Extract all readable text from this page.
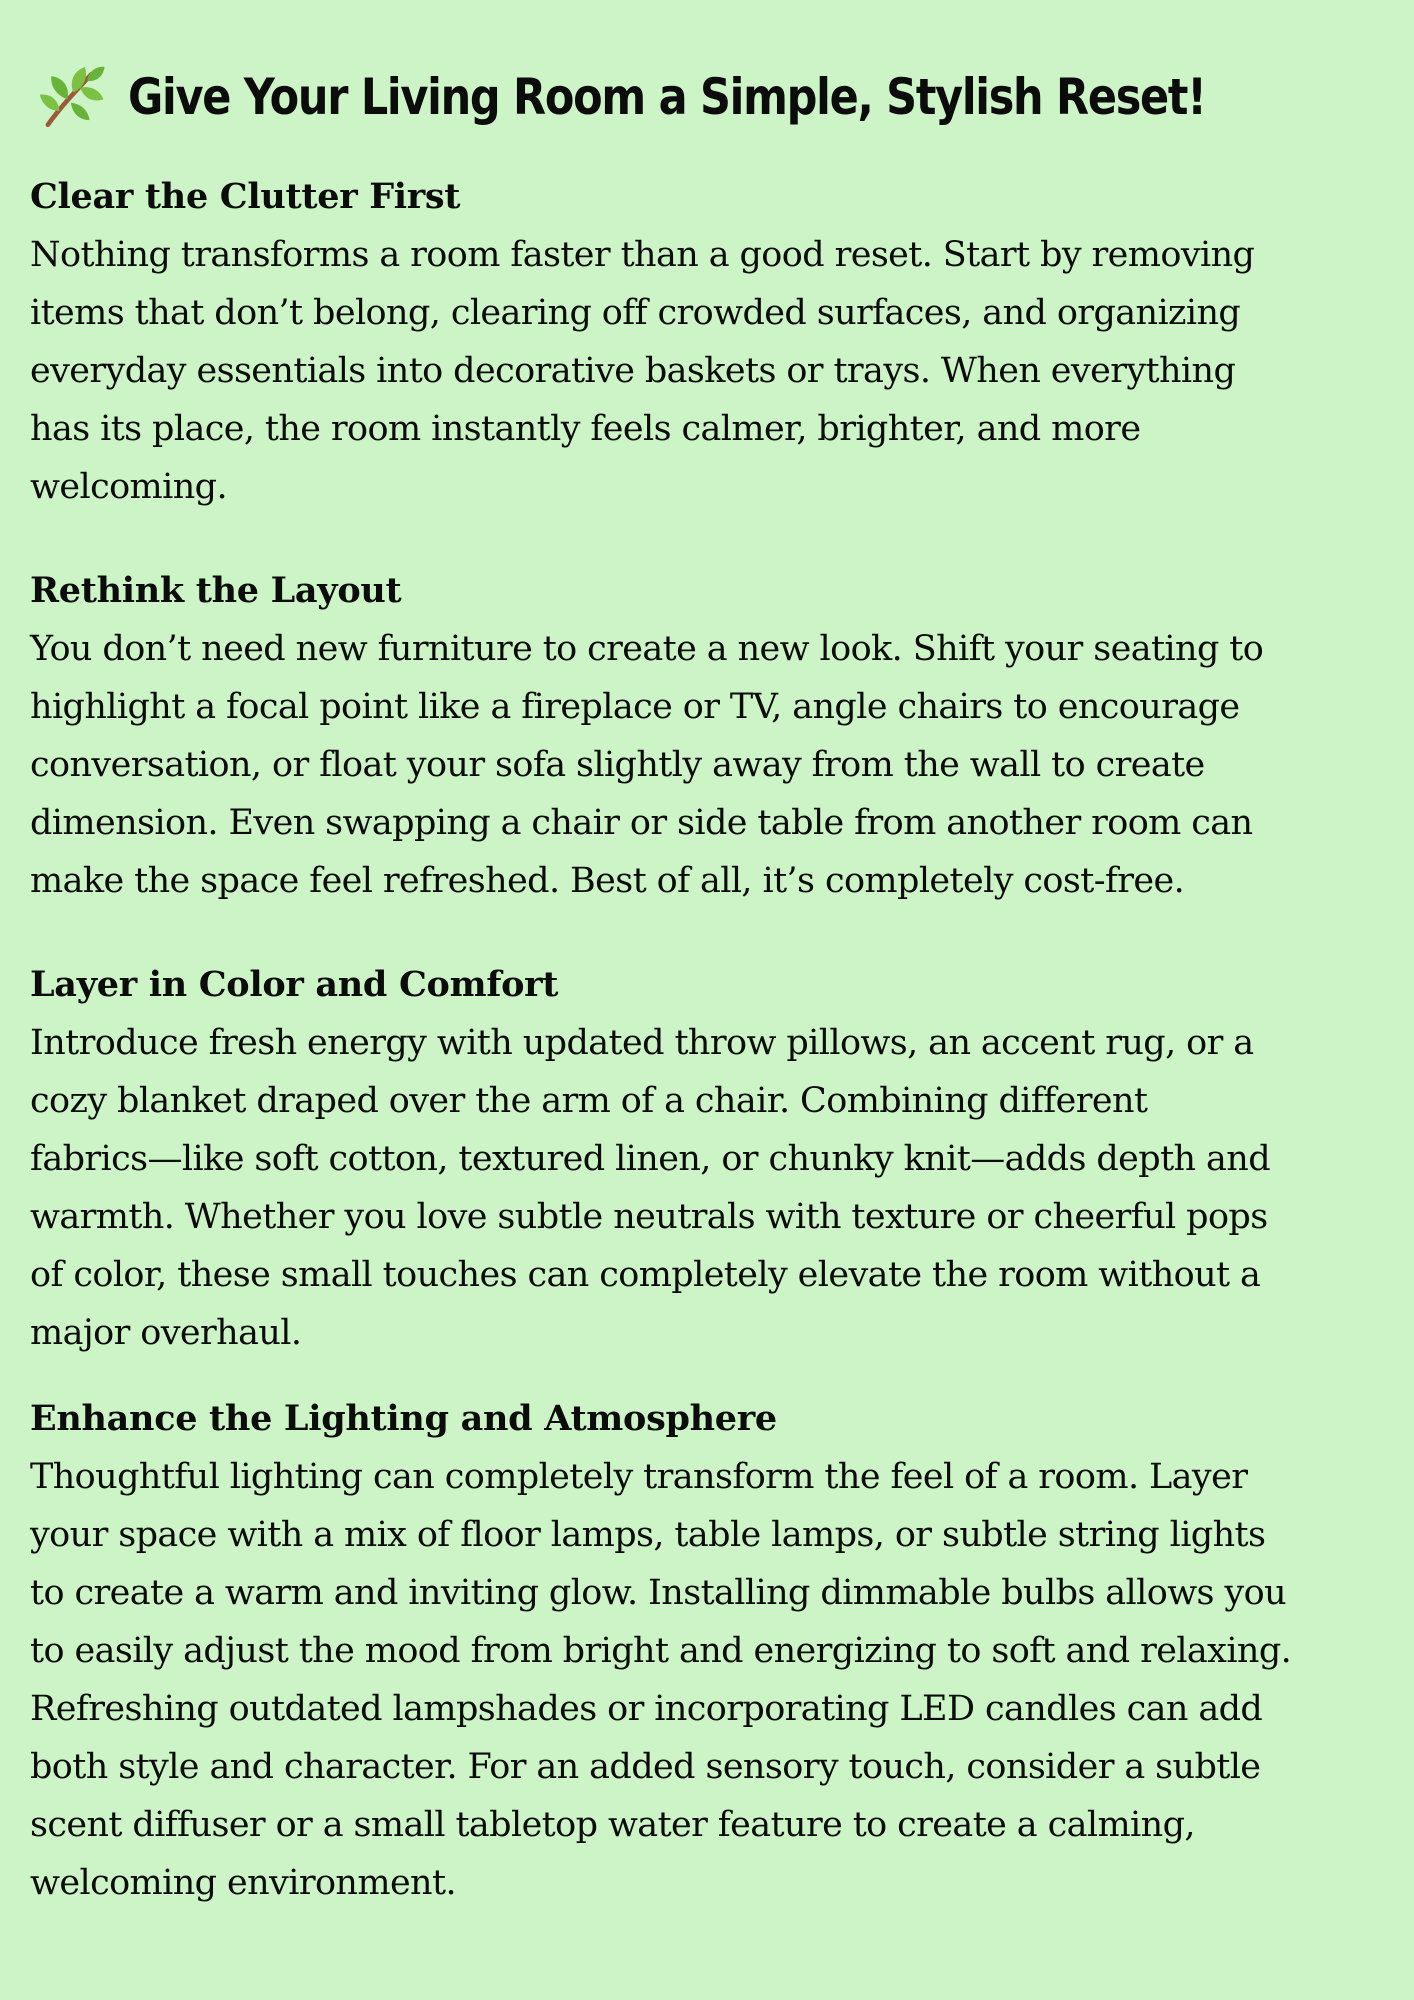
Give Your Living Room a Simple, Stylish Reset!
Clear the Clutter First

Nothing transforms a room faster than a good reset. Start by removing
items that don’t belong, clearing off crowded surfaces, and organizing
everyday essentials into decorative baskets or trays. When everything
has its place, the room instantly feels calmer, brighter, and more
welcoming.

Rethink the Layout

You don’t need new furniture to create a new look. Shift your seating to
highlight a focal point like a fireplace or TV, angle chairs to encourage
conversation, or float your sofa slightly away from the wall to create
dimension. Even swapping a chair or side table from another room can
make the space feel refreshed. Best of all, it’s completely cost-free.

Layer in Color and Comfort

Introduce fresh energy with updated throw pillows, an accent rug, or a
cozy blanket draped over the arm of a chair. Combining different
fabrics—like soft cotton, textured linen, or chunky knit—adds depth and
warmth. Whether you love subtle neutrals with texture or cheerful pops
of color, these small touches can completely elevate the room without a
major overhaul.

Enhance the Lighting and Atmosphere

Thoughtful lighting can completely transform the feel of a room. Layer
your space with a mix of floor lamps, table lamps, or subtle string lights
to create a warm and inviting glow. Installing dimmable bulbs allows you
to easily adjust the mood from bright and energizing to soft and relaxing.
Refreshing outdated lampshades or incorporating LED candles can add
both style and character. For an added sensory touch, consider a subtle
scent diffuser or a small tabletop water feature to create a calming,
welcoming environment.
